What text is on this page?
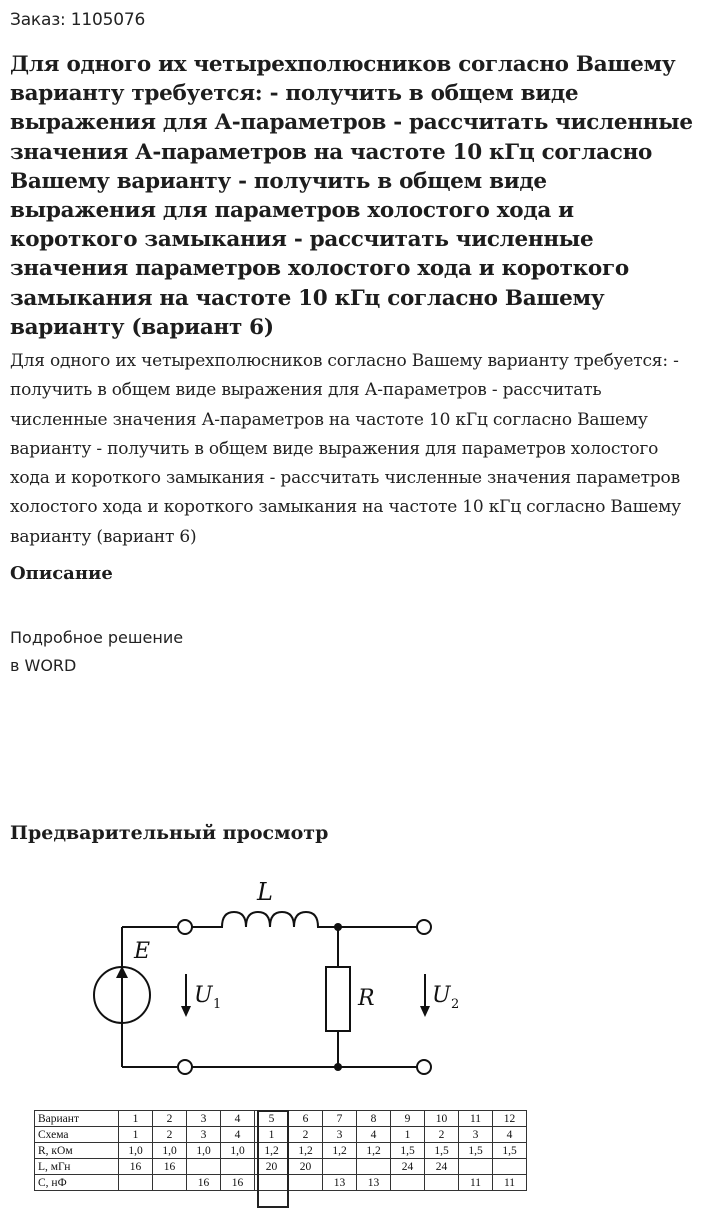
Заказ: 1105076
Для одного их четырехполюсников согласно Вашему варианту требуется: - получить в общем виде выражения для А-параметров - рассчитать численные значения А-параметров на частоте 10 кГц согласно Вашему варианту - получить в общем виде выражения для параметров холостого хода и короткого замыкания - рассчитать численные значения параметров холостого хода и короткого замыкания на частоте 10 кГц согласно Вашему варианту (вариант 6)

Для одного их четырехполюсников согласно Вашему варианту требуется: - получить в общем виде выражения для А-параметров - рассчитать численные значения А-параметров на частоте 10 кГц согласно Вашему варианту - получить в общем виде выражения для параметров холостого хода и короткого замыкания - рассчитать численные значения параметров холостого хода и короткого замыкания на частоте 10 кГц согласно Вашему варианту (вариант 6)

Описание
Подробное решение
в WORD
Предварительный просмотр
L
E
R
U 1	U 2
Вариант	1	2	3	4	5	6	7	8	9	10	11	12
Схема	1	2	3	4	1	2	3	4	1	2	3	4
R, кОм	1,0	1,0	1,0	1,0	1,2	1,2	1,2	1,2	1,5	1,5	1,5	1,5
L, мГн	16	16			20	20			24	24		
C, нФ			16	16			13	13			11	11
